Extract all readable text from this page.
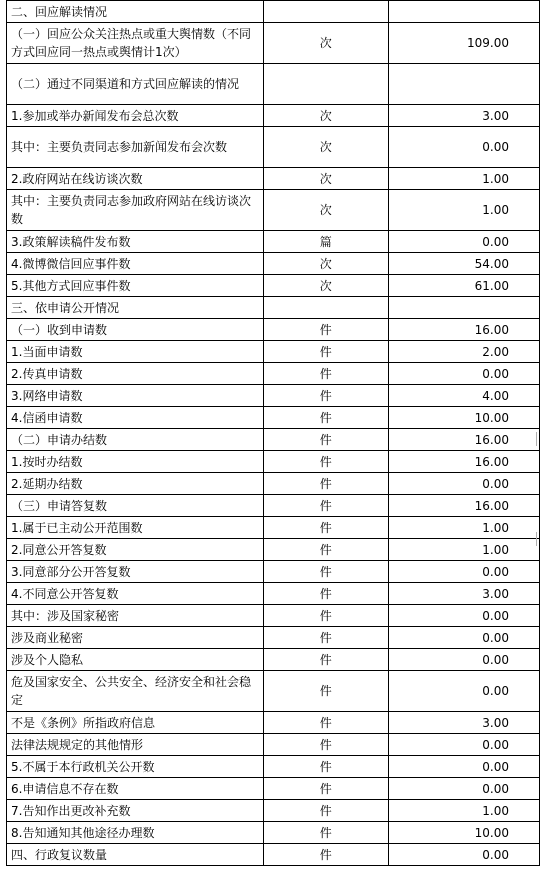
二、回应解读情况		
（一）回应公众关注热点或重大舆情数（不同方式回应同一热点或舆情计1次）	次	109.00
（二）通过不同渠道和方式回应解读的情况		
1.参加或举办新闻发布会总次数	次	3.00
其中：主要负责同志参加新闻发布会次数	次	0.00
2.政府网站在线访谈次数	次	1.00
其中：主要负责同志参加政府网站在线访谈次数	次	1.00
3.政策解读稿件发布数	篇	0.00
4.微博微信回应事件数	次	54.00
5.其他方式回应事件数	次	61.00
三、依申请公开情况		
（一）收到申请数	件	16.00
1.当面申请数	件	2.00
2.传真申请数	件	0.00
3.网络申请数	件	4.00
4.信函申请数	件	10.00
（二）申请办结数	件	16.00
1.按时办结数	件	16.00
2.延期办结数	件	0.00
（三）申请答复数	件	16.00
1.属于已主动公开范围数	件	1.00
2.同意公开答复数	件	1.00
3.同意部分公开答复数	件	0.00
4.不同意公开答复数	件	3.00
其中：涉及国家秘密	件	0.00
涉及商业秘密	件	0.00
涉及个人隐私	件	0.00
危及国家安全、公共安全、经济安全和社会稳定	件	0.00
不是《条例》所指政府信息	件	3.00
法律法规规定的其他情形	件	0.00
5.不属于本行政机关公开数	件	0.00
6.申请信息不存在数	件	0.00
7.告知作出更改补充数	件	1.00
8.告知通知其他途径办理数	件	10.00
四、行政复议数量	件	0.00
